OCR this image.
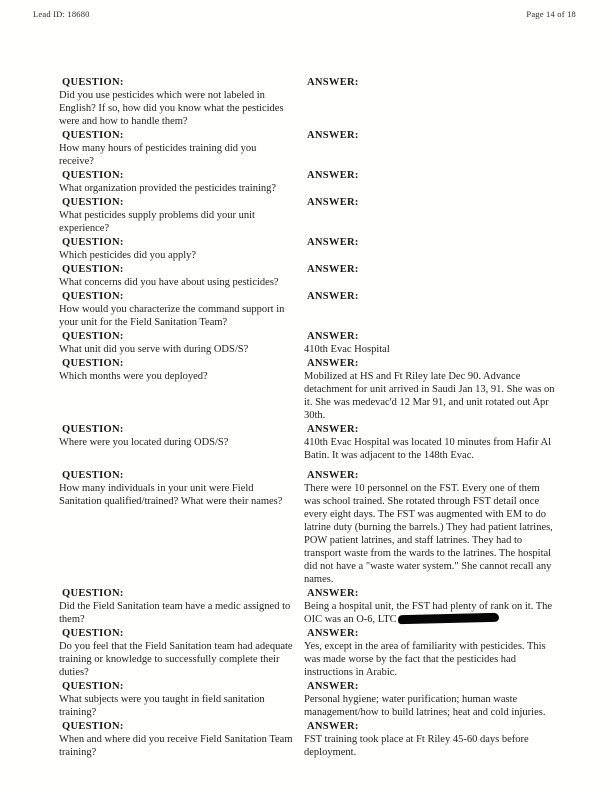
Lead ID: 18680	Page 14 of 18
QUESTION:
Did you use pesticides which were not labeled in English? If so, how did you know what the pesticides were and how to handle them?
ANSWER:
QUESTION:
How many hours of pesticides training did you receive?
ANSWER:
QUESTION:
What organization provided the pesticides training?
ANSWER:
QUESTION:
What pesticides supply problems did your unit experience?
ANSWER:
QUESTION:
Which pesticides did you apply?
ANSWER:
QUESTION:
What concerns did you have about using pesticides?
ANSWER:
QUESTION:
How would you characterize the command support in your unit for the Field Sanitation Team?
ANSWER:
QUESTION:
What unit did you serve with during ODS/S?
ANSWER:
410th Evac Hospital
QUESTION:
Which months were you deployed?
ANSWER:
Mobilized at HS and Ft Riley late Dec 90. Advance detachment for unit arrived in Saudi Jan 13, 91. She was on it. She was medevac'd 12 Mar 91, and unit rotated out Apr 30th.
QUESTION:
Where were you located during ODS/S?
ANSWER:
410th Evac Hospital was located 10 minutes from Hafir Al Batin. It was adjacent to the 148th Evac.
QUESTION:
How many individuals in your unit were Field Sanitation qualified/trained? What were their names?
ANSWER:
There were 10 personnel on the FST. Every one of them was school trained. She rotated through FST detail once every eight days. The FST was augmented with EM to do latrine duty (burning the barrels.) They had patient latrines, POW patient latrines, and staff latrines. They had to transport waste from the wards to the latrines. The hospital did not have a "waste water system." She cannot recall any names.
QUESTION:
Did the Field Sanitation team have a medic assigned to them?
ANSWER:
Being a hospital unit, the FST had plenty of rank on it. The OIC was an O-6, LTC
QUESTION:
Do you feel that the Field Sanitation team had adequate training or knowledge to successfully complete their duties?
ANSWER:
Yes, except in the area of familiarity with pesticides. This was made worse by the fact that the pesticides had instructions in Arabic.
QUESTION:
What subjects were you taught in field sanitation training?
ANSWER:
Personal hygiene; water purification; human waste management/how to build latrines; heat and cold injuries.
QUESTION:
When and where did you receive Field Sanitation Team training?
ANSWER:
FST training took place at Ft Riley 45-60 days before deployment.
